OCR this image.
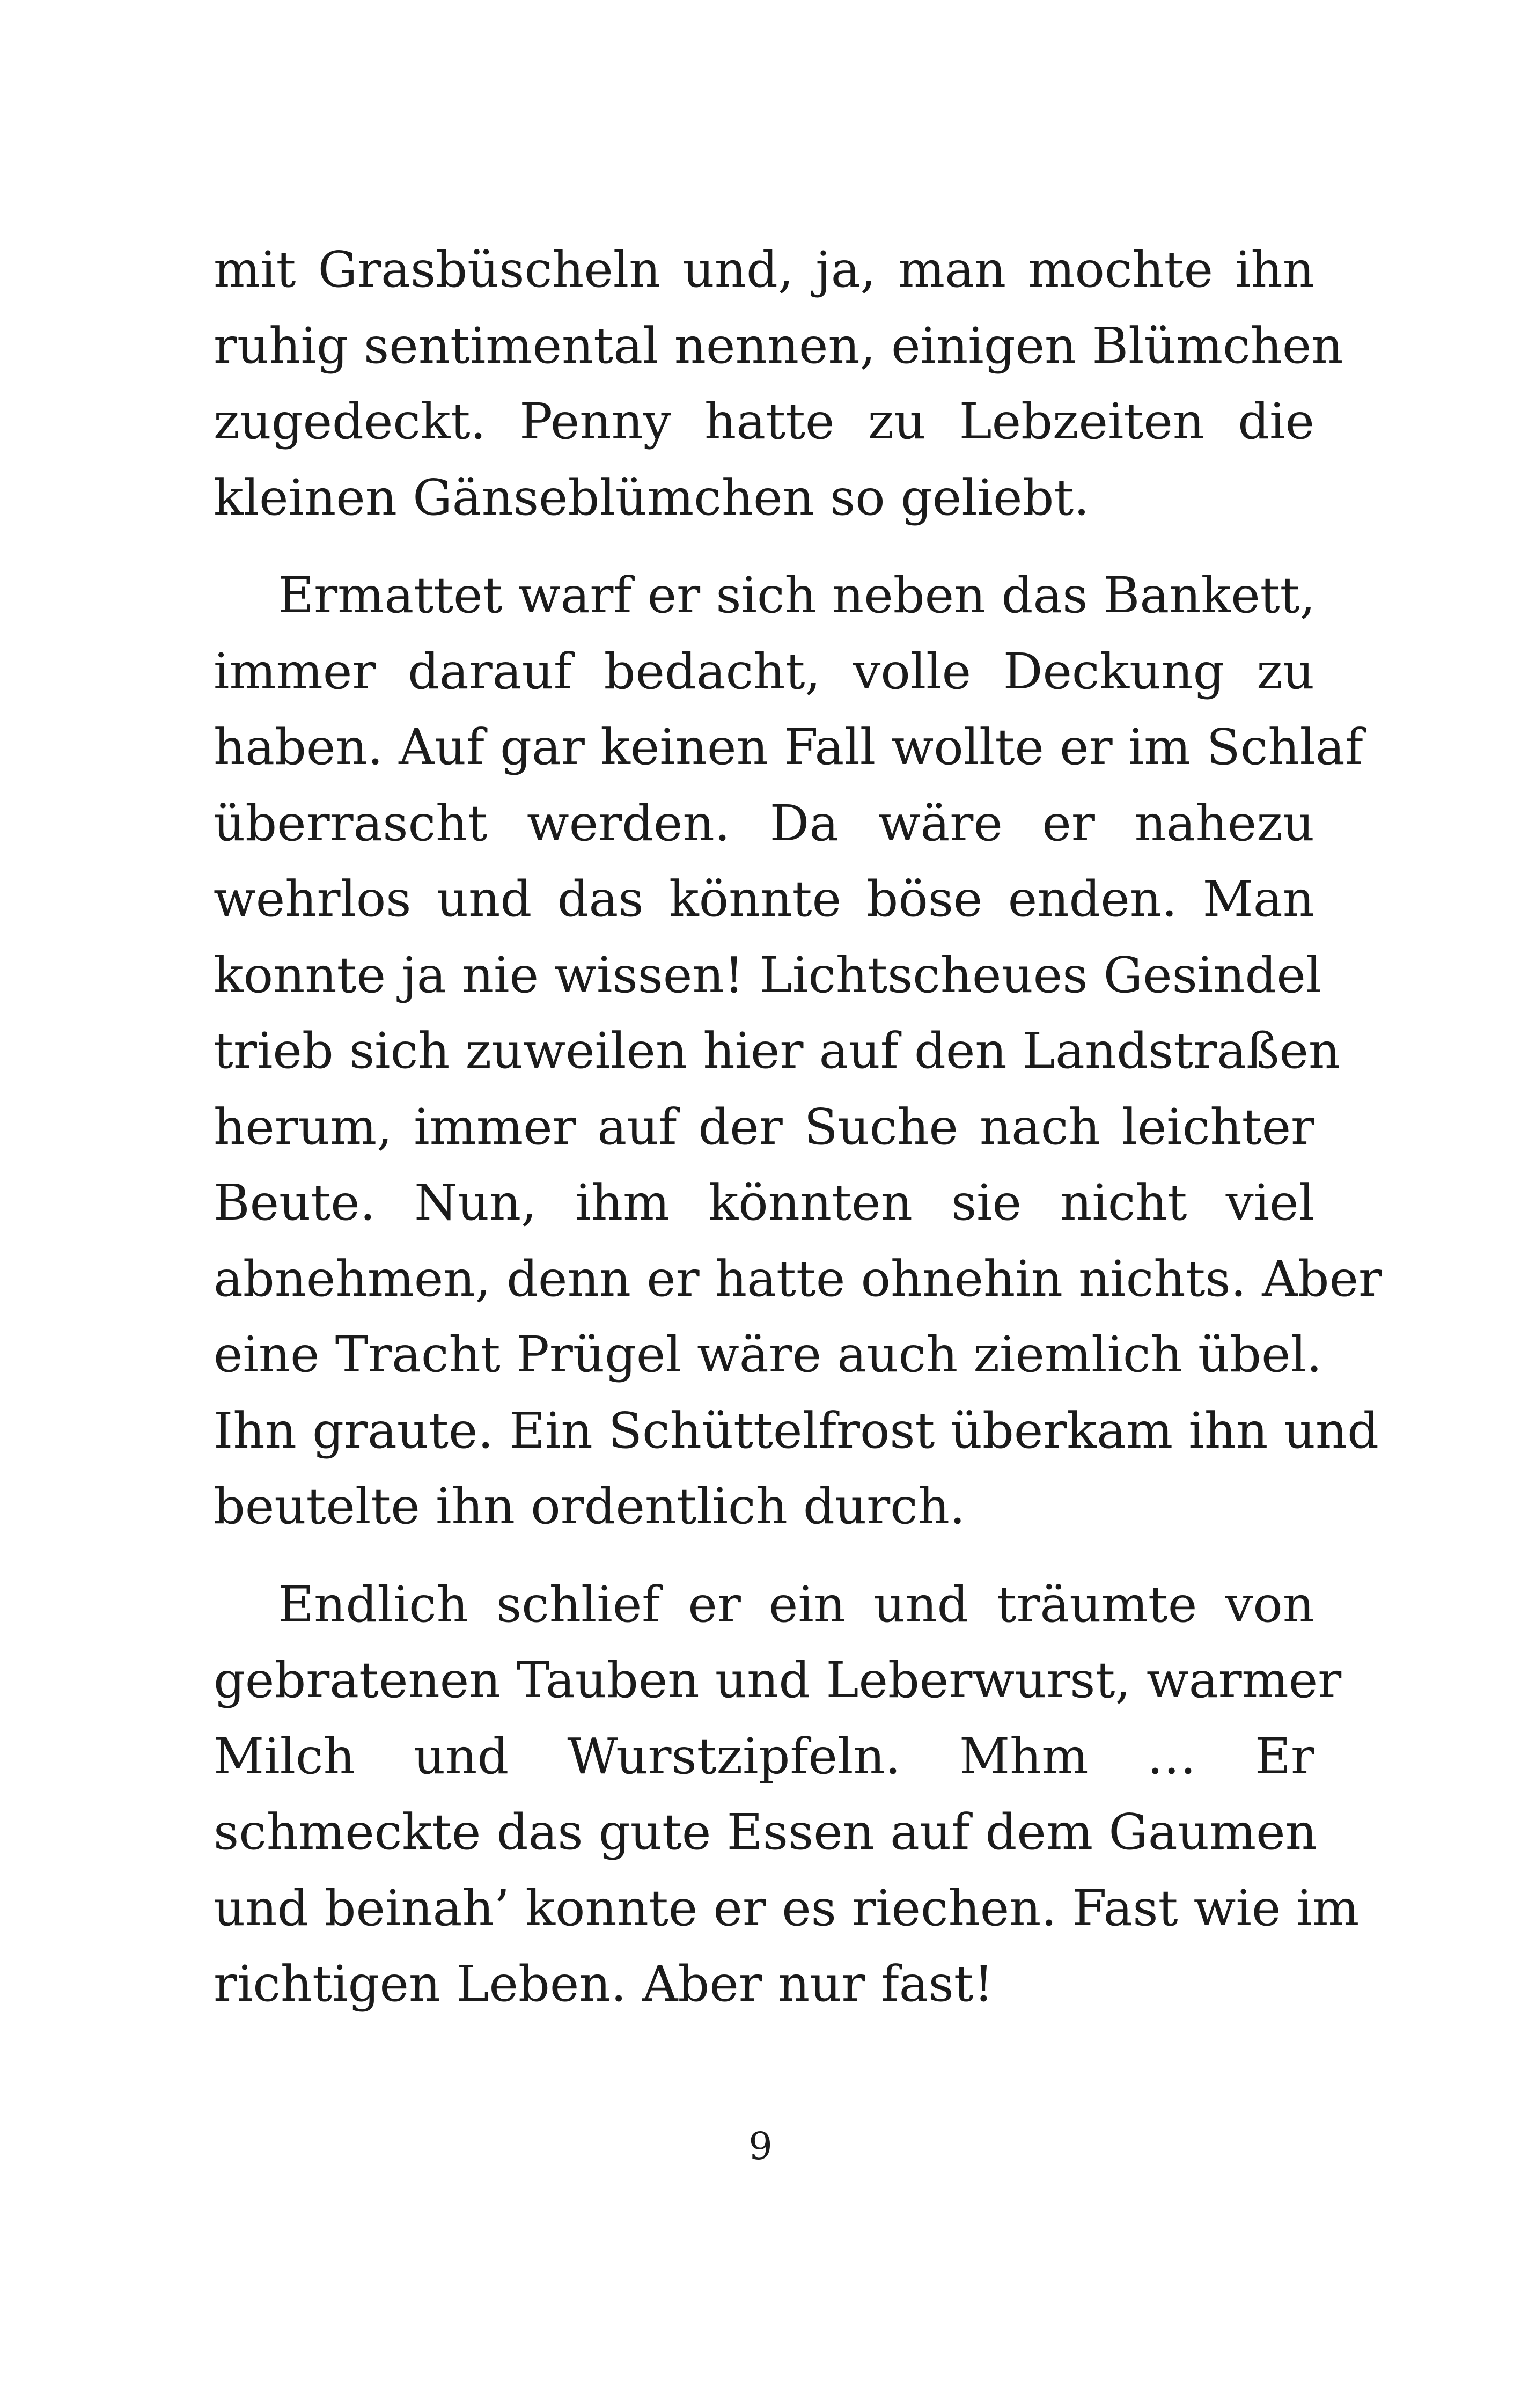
mit Grasbüscheln und, ja, man mochte ihn
ruhig sentimental nennen, einigen Blümchen
zugedeckt. Penny hatte zu Lebzeiten die
kleinen Gänseblümchen so geliebt.

Ermattet warf er sich neben das Bankett,
immer darauf bedacht, volle Deckung zu
haben. Auf gar keinen Fall wollte er im Schlaf
überrascht werden. Da wäre er nahezu
wehrlos und das könnte böse enden. Man
konnte ja nie wissen! Lichtscheues Gesindel
trieb sich zuweilen hier auf den Landstraßen
herum, immer auf der Suche nach leichter
Beute. Nun, ihm könnten sie nicht viel
abnehmen, denn er hatte ohnehin nichts. Aber
eine Tracht Prügel wäre auch ziemlich übel.
Ihn graute. Ein Schüttelfrost überkam ihn und
beutelte ihn ordentlich durch.

Endlich schlief er ein und träumte von
gebratenen Tauben und Leberwurst, warmer
Milch und Wurstzipfeln. Mhm … Er
schmeckte das gute Essen auf dem Gaumen
und beinah’ konnte er es riechen. Fast wie im
richtigen Leben. Aber nur fast!

9
